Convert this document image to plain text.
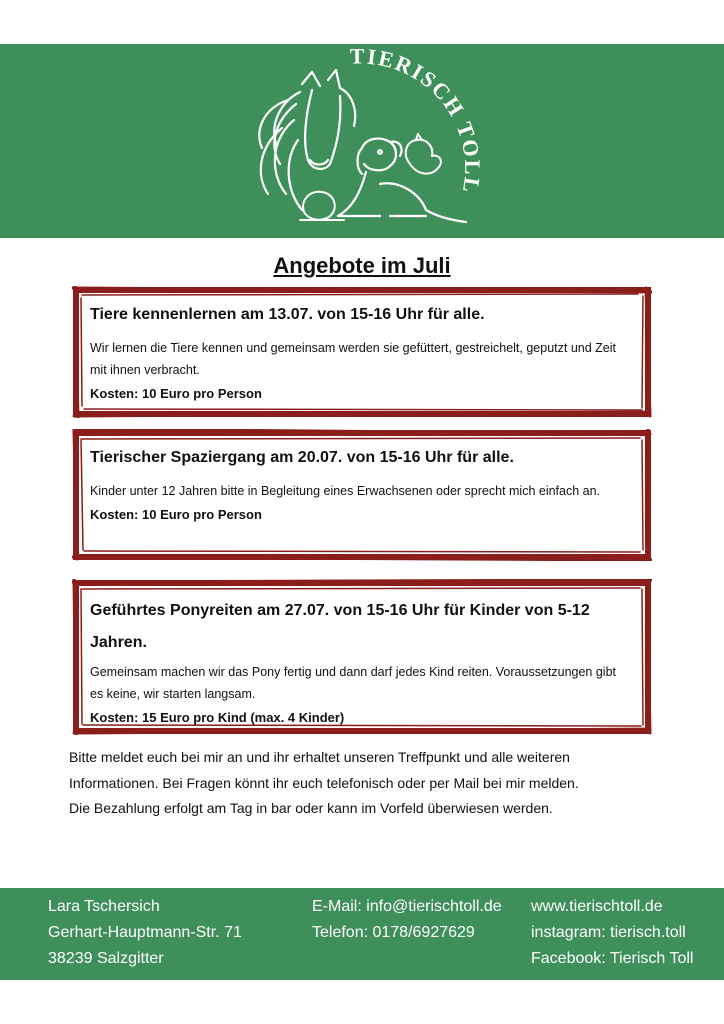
TIERISCH TOLL
Angebote im Juli
Tiere kennenlernen am 13.07. von 15-16 Uhr für alle.

Wir lernen die Tiere kennen und gemeinsam werden sie gefüttert, gestreichelt, geputzt und Zeit mit ihnen verbracht.

Kosten: 10 Euro pro Person

Tierischer Spaziergang am 20.07. von 15-16 Uhr für alle.

Kinder unter 12 Jahren bitte in Begleitung eines Erwachsenen oder sprecht mich einfach an.

Kosten: 10 Euro pro Person

Geführtes Ponyreiten am 27.07. von 15-16 Uhr für Kinder von 5-12 Jahren.

Gemeinsam machen wir das Pony fertig und dann darf jedes Kind reiten. Voraussetzungen gibt es keine, wir starten langsam.

Kosten: 15 Euro pro Kind (max. 4 Kinder)

Bitte meldet euch bei mir an und ihr erhaltet unseren Treffpunkt und alle weiteren
Informationen. Bei Fragen könnt ihr euch telefonisch oder per Mail bei mir melden.
Die Bezahlung erfolgt am Tag in bar oder kann im Vorfeld überwiesen werden.
Lara Tschersich
Gerhart-Hauptmann-Str. 71
38239 Salzgitter
E-Mail: info@tierischtoll.de
Telefon: 0178/6927629
www.tierischtoll.de
instagram: tierisch.toll
Facebook: Tierisch Toll
